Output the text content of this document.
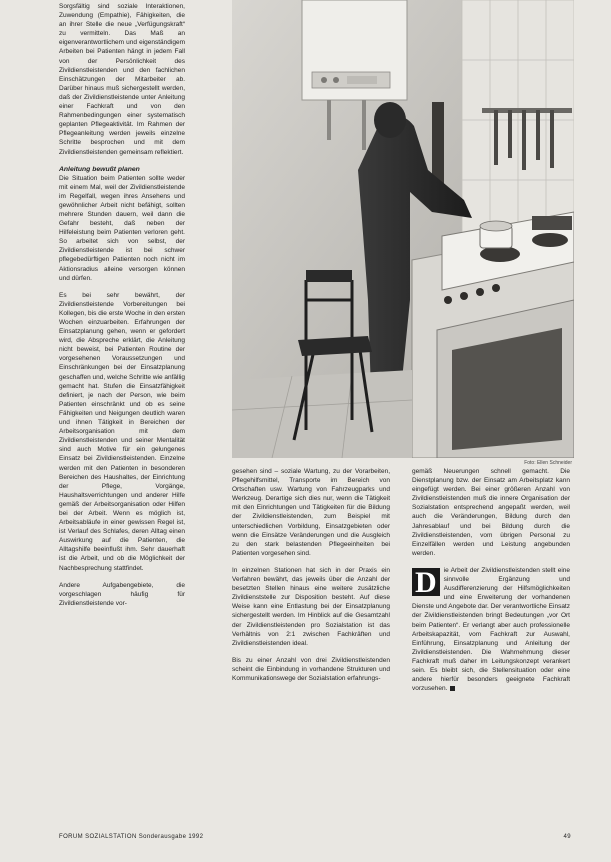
Sorgsfältig sind soziale Interaktionen, Zuwendung (Empathie), Fähigkeiten, die an ihrer Stelle die neue „Verfügungskraft“ zu vermitteln. Das Maß an eigenverantwortlichem und eigenständigem Arbeiten bei Patienten hängt in jedem Fall von der Persönlichkeit des Zivildienstleistenden und den fachlichen Einschätzungen der Mitarbeiter ab. Darüber hinaus muß sichergestellt werden, daß der Zivildienstleistende unter Anleitung einer Fachkraft und von den Rahmenbedingungen einer systematisch geplanten Pflegeaktivität. Im Rahmen der Pflegeanleitung werden jeweils einzelne Schritte besprochen und mit dem Zivildienstleistenden gemeinsam reflektiert.

Anleitung bewußt planen

Die Situation beim Patienten sollte weder mit einem Mal, weil der Zivildienstleistende im Regelfall, wegen ihres Ansehens und gewöhnlicher Arbeit nicht befähigt, sollten mehrere Stunden dauern, weil dann die Gefahr besteht, daß neben der Hilfeleistung beim Patienten verloren geht. So arbeitet sich von selbst, der Zivildienstleistende ist bei schwer pflegebedürftigen Patienten noch nicht im Aktionsradius alleine versorgen können und dürfen.

Es bei sehr bewährt, der Zivildienstleistende Vorbereitungen bei Kollegen, bis die erste Woche in den ersten Wochen einzuarbeiten. Erfahrungen der Einsatzplanung gehen, wenn er gefordert wird, die Abspreche erklärt, die Anleitung nicht beweist, bei Patienten Routine der vorgesehenen Voraussetzungen und Einschränkungen bei der Einsatzplanung geschaffen und, welche Schritte wie anfällig gemacht hat. Stufen die Einsatzfähigkeit definiert, je nach der Person, wie beim Patienten einschränkt und ob es seine Fähigkeiten und Neigungen deutlich waren und ihnen Tätigkeit in Bereichen der Arbeitsorganisation mit dem Zivildienstleistenden und seiner Mentalität sind auch Motive für ein gelungenes Einsatz bei Zivildienstleistenden. Einzelne werden mit den Patienten in besonderen Bereichen des Haushaltes, der Einrichtung der Pflege, Vorgänge, Haushaltsverrichtungen und anderer Hilfe gemäß der Arbeitsorganisation oder Hilfen bei der Arbeit. Wenn es möglich ist, Arbeitsabläufe in einer gewissen Regel ist, ist Verlauf des Schlafes, deren Alltag einen Auswirkung auf die Patienten, die Alltagshilfe beeinflußt ihm. Sehr dauerhaft ist die Arbeit, und ob die Möglichkeit der Nachbesprechung stattfindet.

Andere Aufgabengebiete, die vorgeschlagen häufig für Zivildienstleistende vor-

Foto: Ellen Schneider

gesehen sind – soziale Wartung, zu der Vorarbeiten, Pflegehilfsmittel, Transporte im Bereich von Ortschaften usw. Wartung von Fahrzeugparks und Werkzeug. Derartige sich dies nur, wenn die Tätigkeit mit den Einrichtungen und Tätigkeiten für die Bildung der Zivildienstleistenden, zum Beispiel mit unterschiedlichen Vorbildung, Einsatzgebieten oder wenn die Einsätze Veränderungen und die Ausgleich zu den stark belastenden Pflegeeinheiten bei Patienten vorgesehen sind.

In einzelnen Stationen hat sich in der Praxis ein Verfahren bewährt, das jeweils über die Anzahl der besetzten Stellen hinaus eine weitere zusätzliche Zivildienststelle zur Disposition besteht. Auf diese Weise kann eine Entlastung bei der Einsatzplanung sichergestellt werden. Im Hinblick auf die Gesamtzahl der Zivildienstleistenden pro Sozialstation ist das Verhältnis von 2:1 zwischen Fachkräften und Zivildienstleistenden ideal.

Bis zu einer Anzahl von drei Zivildienstleistenden scheint die Einbindung in vorhandene Strukturen und Kommunikationswege der Sozialstation erfahrungs-

gemäß Neuerungen schnell gemacht. Die Dienstplanung bzw. der Einsatz am Arbeitsplatz kann eingefügt werden. Bei einer größeren Anzahl von Zivildienstleistenden muß die innere Organisation der Sozialstation entsprechend angepaßt werden, weil auch die Veränderungen, Bildung durch den Jahresablauf und bei Bildung durch die Zivildienstleistenden, vom übrigen Personal zu Einzelfällen werden und Leistung angebunden werden.

D	ie Arbeit der Zivildienstleistenden stellt eine sinnvolle Ergänzung und Ausdifferenzierung der Hilfsmöglichkeiten und eine Erweiterung der vorhandenen Dienste und Angebote dar. Der verantwortliche Einsatz der Zivildienstleistenden bringt Bedeutungen „vor Ort beim Patienten“. Er verlangt aber auch professionelle Arbeitskapazität, vom Fachkraft zur Auswahl, Einführung, Einsatzplanung und Anleitung der Zivildienstleistenden. Die Wahrnehmung dieser Fachkraft muß daher im Leitungskonzept verankert sein. Es bleibt sich, die Stellensituation oder eine andere hierfür besonders geeignete Fachkraft vorzusehen.

FORUM SOZIALSTATION Sonderausgabe 1992	49
